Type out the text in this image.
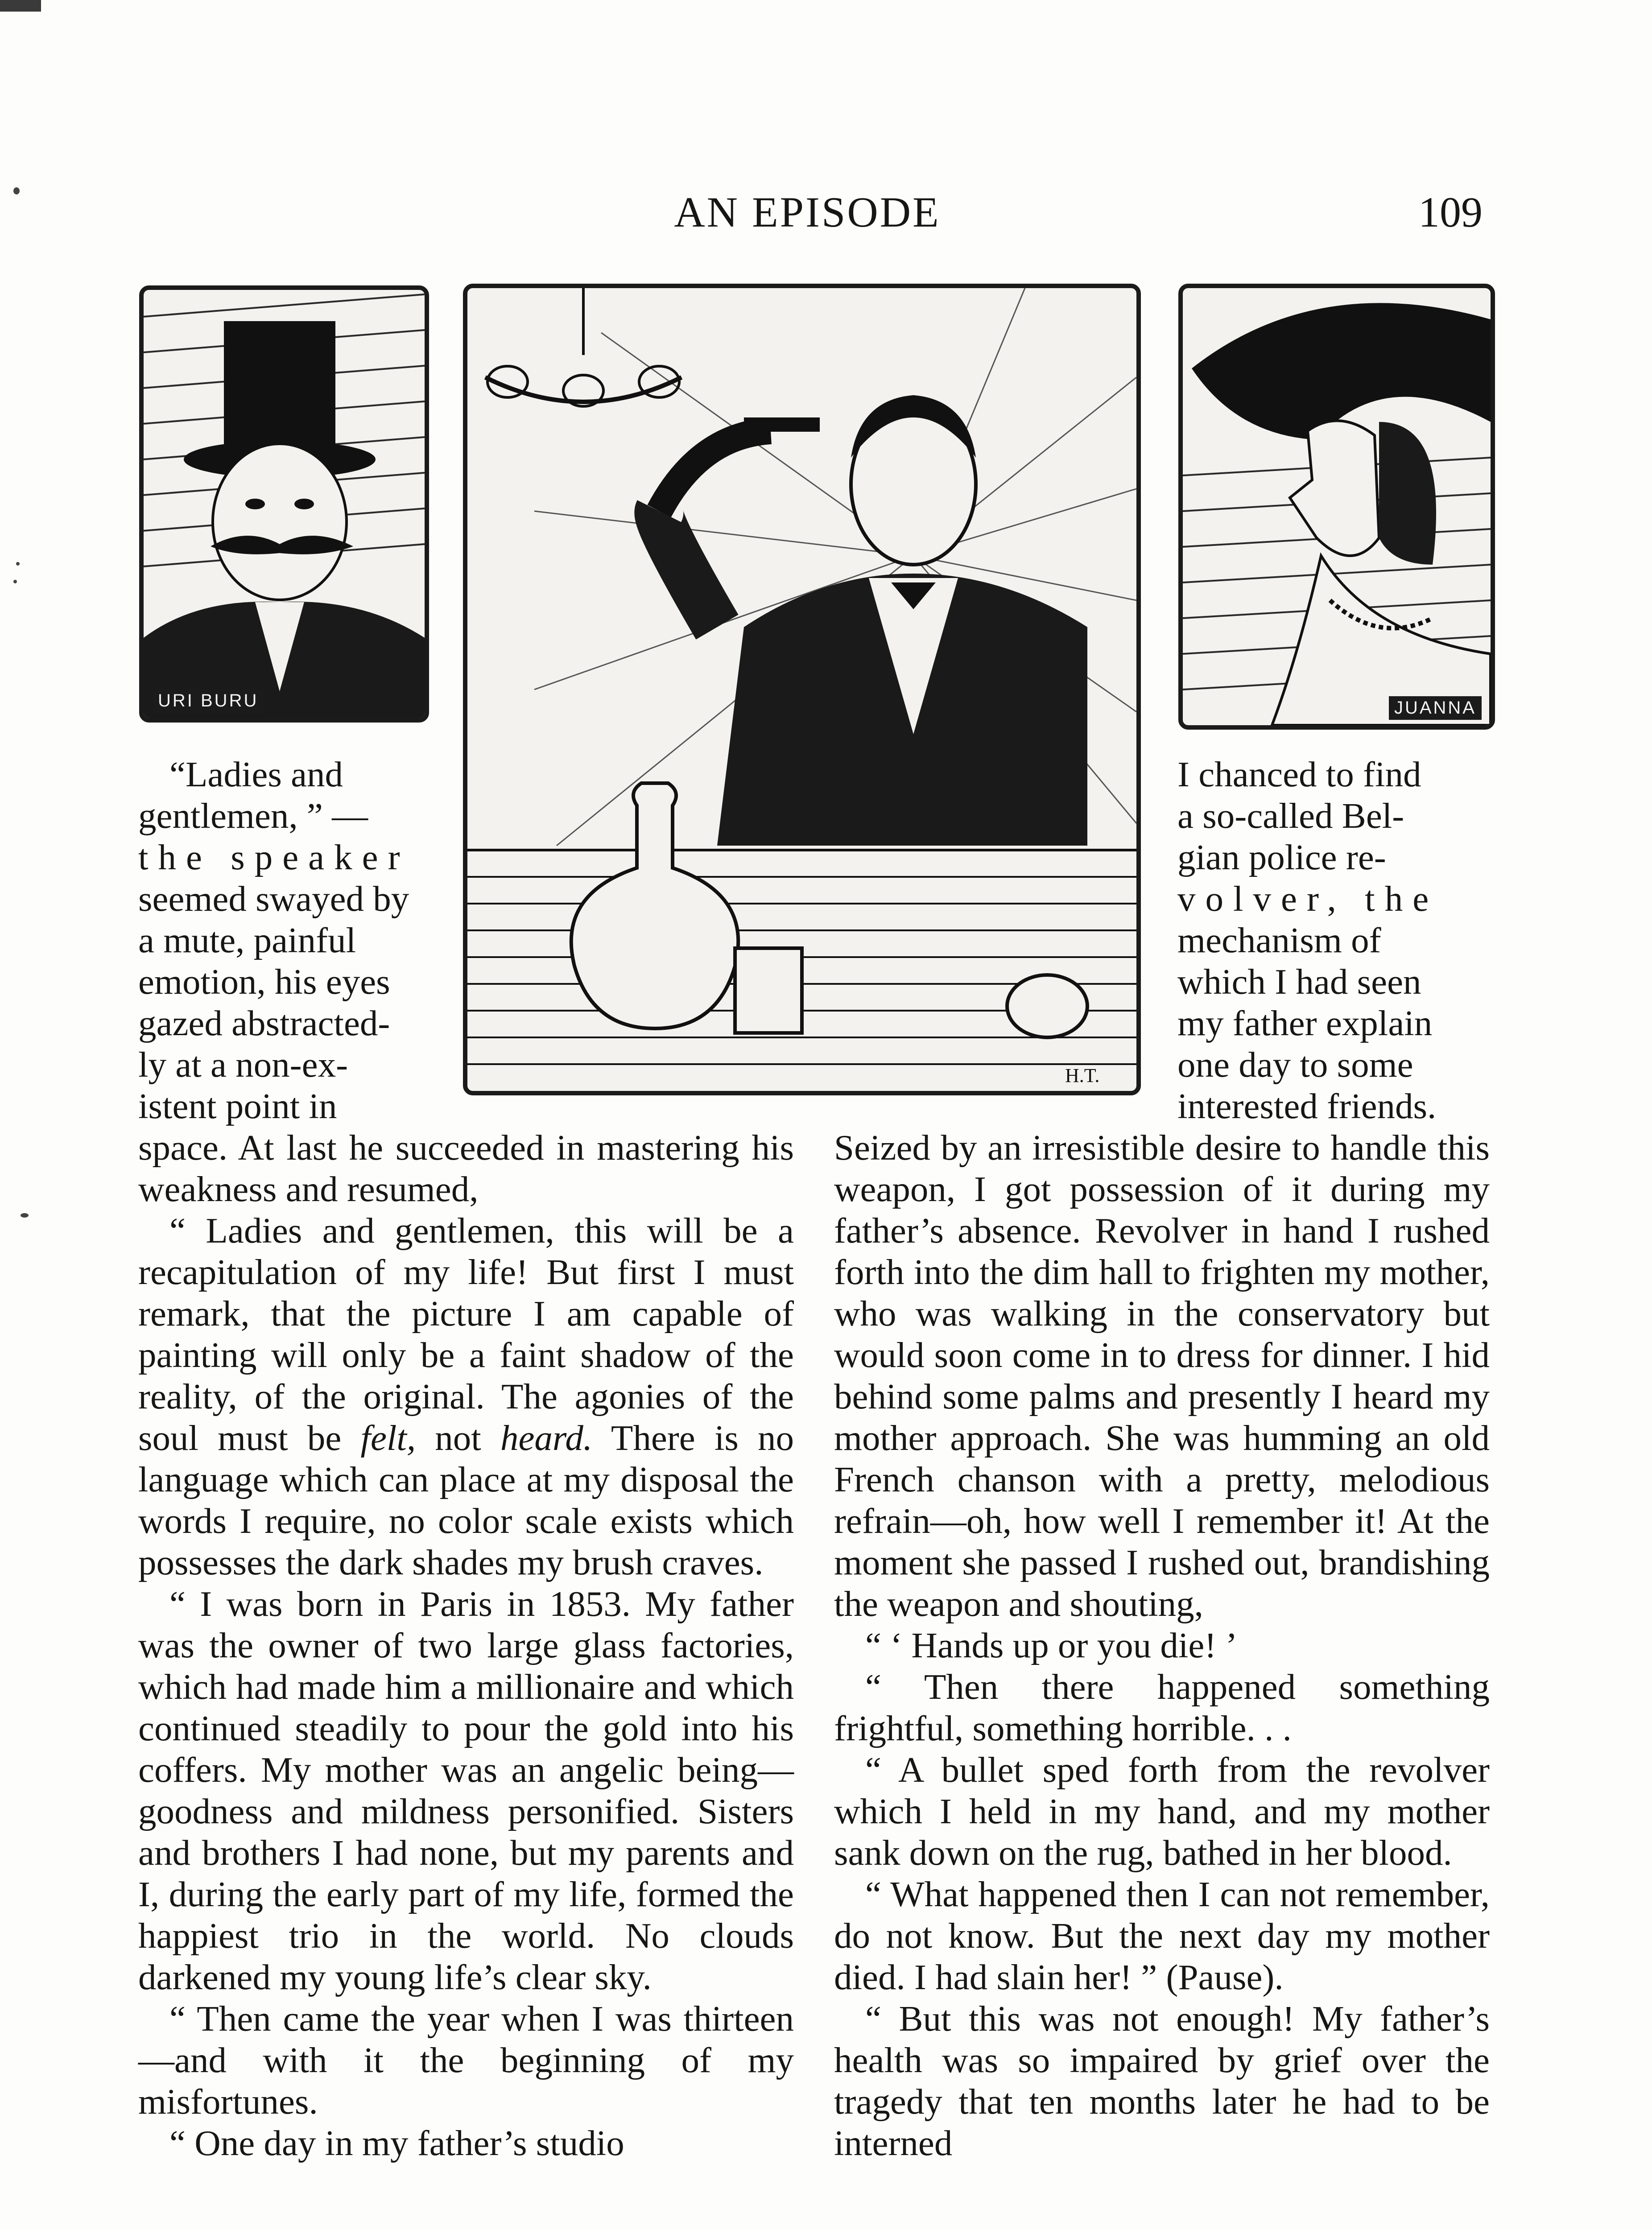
AN EPISODE	109
URI BURU
H.T.
JUANNA

“Ladies and

gentlemen, ” —

the speaker

seemed swayed by

a mute, painful

emotion, his eyes

gazed abstracted-

ly at a non-ex-

istent point in

space. At last he succeeded in mastering his weakness and resumed,

“ Ladies and gentlemen, this will be a recapitulation of my life! But first I must remark, that the picture I am capable of painting will only be a faint shadow of the reality, of the original. The agonies of the soul must be felt, not heard. There is no language which can place at my disposal the words I require, no color scale exists which possesses the dark shades my brush craves.

“ I was born in Paris in 1853. My father was the owner of two large glass factories, which had made him a millionaire and which continued steadily to pour the gold into his coffers. My mother was an angelic being—goodness and mildness personified. Sisters and brothers I had none, but my parents and I, during the early part of my life, formed the happiest trio in the world. No clouds darkened my young life’s clear sky.

“ Then came the year when I was thirteen—and with it the beginning of my misfortunes.

“ One day in my father’s studio

I chanced to find

a so-called Bel-

gian police re-

volver, the

mechanism of

which I had seen

my father explain

one day to some

interested friends.

Seized by an irresistible desire to handle this weapon, I got possession of it during my father’s absence. Revolver in hand I rushed forth into the dim hall to frighten my mother, who was walking in the conservatory but would soon come in to dress for dinner. I hid behind some palms and presently I heard my mother approach. She was humming an old French chanson with a pretty, melodious refrain—oh, how well I remember it! At the moment she passed I rushed out, brandishing the weapon and shouting,

“ ‘ Hands up or you die! ’

“ Then there happened something frightful, something horrible. . .

“ A bullet sped forth from the revolver which I held in my hand, and my mother sank down on the rug, bathed in her blood.

“ What happened then I can not remember, do not know. But the next day my mother died. I had slain her! ” (Pause).

“ But this was not enough! My father’s health was so impaired by grief over the tragedy that ten months later he had to be interned
